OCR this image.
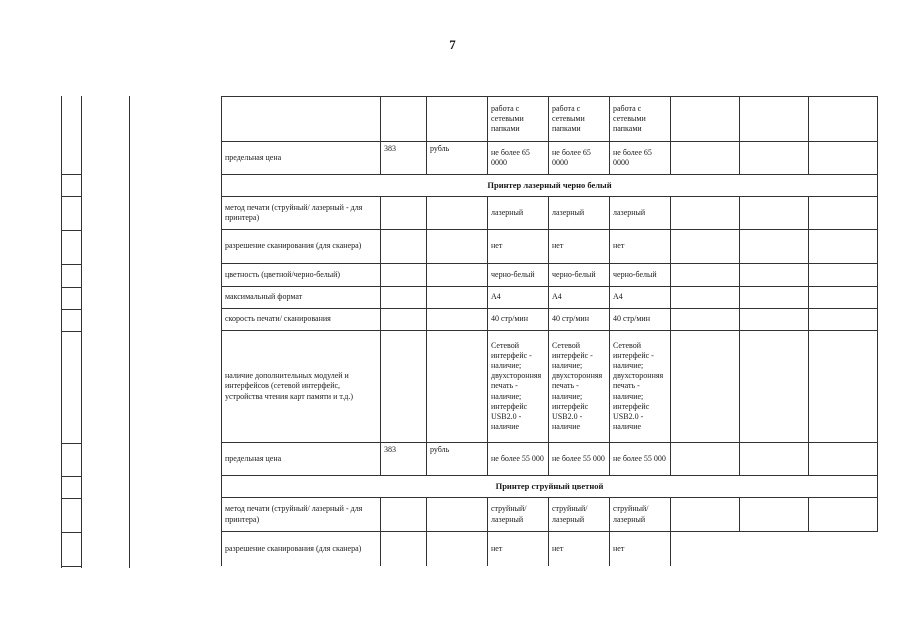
7
			работа с сетевыми папками	работа с сетевыми папками	работа с сетевыми папками			
предельная цена	383	рубль	не более 65 0000	не более 65 0000	не более 65 0000			
Принтер лазерный черно белый								
метод печати (струйный/ лазерный - для принтера)			лазерный	лазерный	лазерный			
разрешение сканирования (для сканера)			нет	нет	нет			
цветность (цветной/черно-белый)			черно-белый	черно-белый	черно-белый			
максимальный формат			А4	А4	А4			
скорость печати/ сканирования			40 стр/мин	40 стр/мин	40 стр/мин			
наличие дополнительных модулей и интерфейсов (сетевой интерфейс, устройства чтения карт памяти и т.д.)			Сетевой интерфейс - наличие; двухсторонняя печать - наличие; интерфейс USB2.0 - наличие	Сетевой интерфейс - наличие; двухсторонняя печать - наличие; интерфейс USB2.0 - наличие	Сетевой интерфейс - наличие; двухсторонняя печать - наличие; интерфейс USB2.0 - наличие			
предельная цена	383	рубль	не более 55 000	не более 55 000	не более 55 000			
Принтер струйный цветной								
метод печати (струйный/ лазерный - для принтера)			струйный/ лазерный	струйный/ лазерный	струйный/ лазерный			
разрешение сканирования (для сканера)			нет	нет	нет			
